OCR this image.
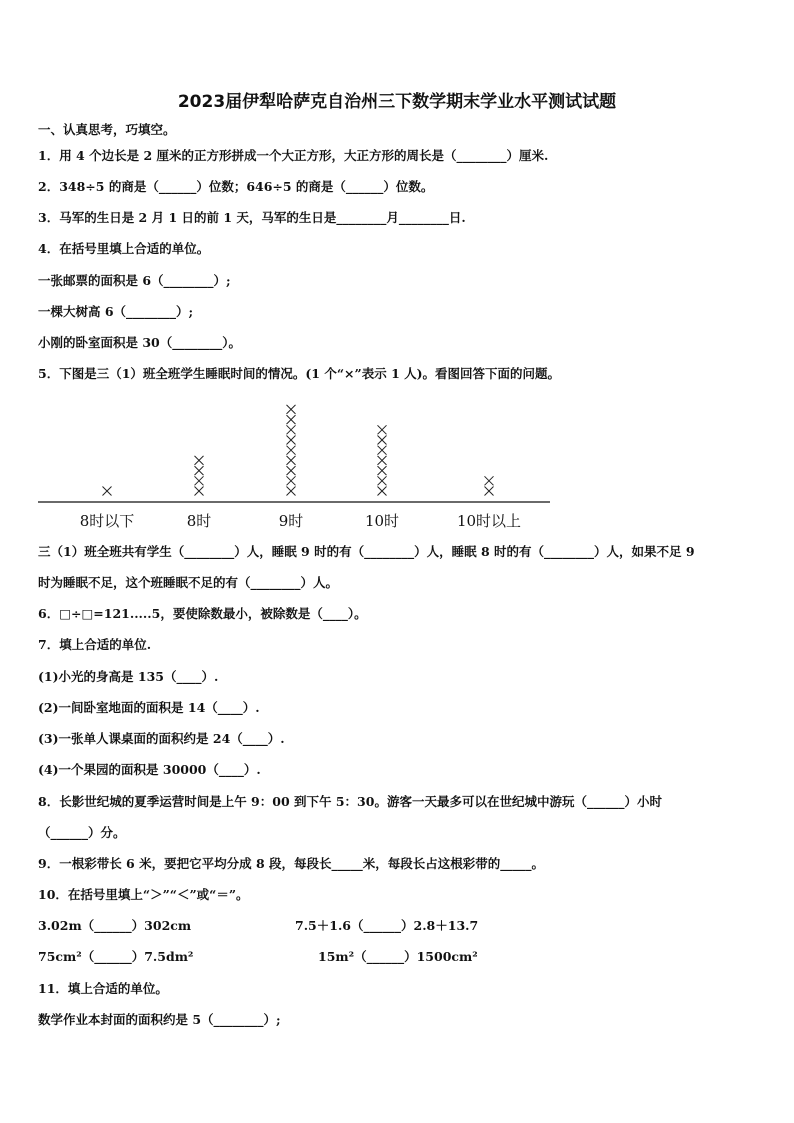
2023届伊犁哈萨克自治州三下数学期末学业水平测试试题
一、认真思考，巧填空。
1．用 4 个边长是 2 厘米的正方形拼成一个大正方形，大正方形的周长是（________）厘米.
2．348÷5 的商是（______）位数；646÷5 的商是（______）位数。
3．马军的生日是 2 月 1 日的前 1 天，马军的生日是________月________日.
4．在括号里填上合适的单位。
一张邮票的面积是 6（________）;
一棵大树高 6（________）;
小刚的卧室面积是 30（________）。
5．下图是三（1）班全班学生睡眠时间的情况。(1 个“×”表示 1 人)。看图回答下面的问题。
8时以下	8时	9时	10时	10时以上
三（1）班全班共有学生（________）人，睡眠 9 时的有（________）人，睡眠 8 时的有（________）人，如果不足 9
时为睡眠不足，这个班睡眠不足的有（________）人。
6．□÷□=121.....5，要使除数最小，被除数是（____）。
7．填上合适的单位.
(1)小光的身高是 135（____）.
(2)一间卧室地面的面积是 14（____）.
(3)一张单人课桌面的面积约是 24（____）.
(4)一个果园的面积是 30000（____）.
8．长影世纪城的夏季运营时间是上午 9：00 到下午 5：30。游客一天最多可以在世纪城中游玩（______）小时
（______）分。
9．一根彩带长 6 米，要把它平均分成 8 段，每段长_____米，每段长占这根彩带的_____。
10．在括号里填上“＞”“＜”或“＝”。
3.02m（______）302cm	7.5＋1.6（______）2.8＋13.7
75cm²（______）7.5dm²	15m²（______）1500cm²
11．填上合适的单位。
数学作业本封面的面积约是 5（________）;
